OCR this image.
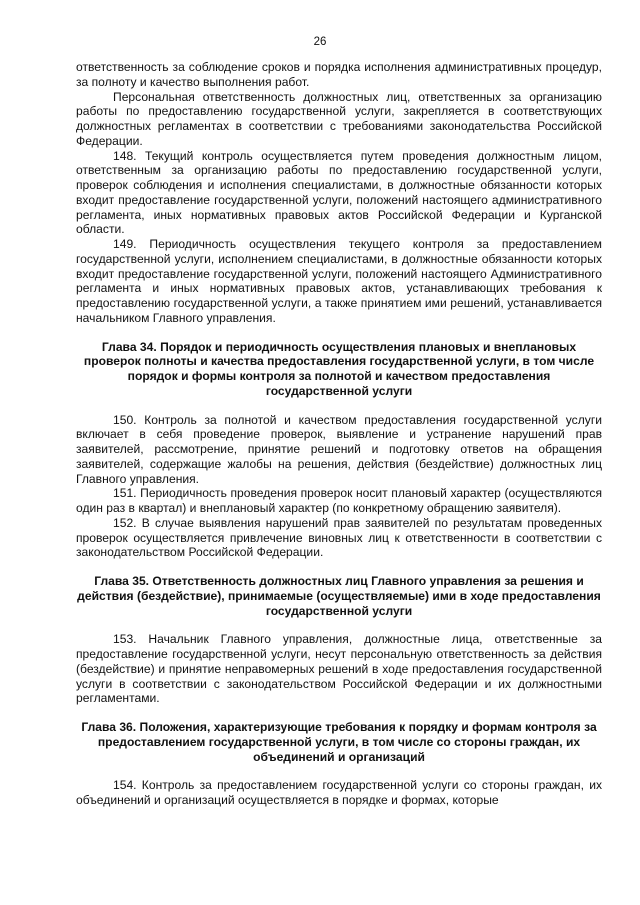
26

ответственность за соблюдение сроков и порядка исполнения административных процедур, за полноту и качество выполнения работ.

Персональная ответственность должностных лиц, ответственных за организацию работы по предоставлению государственной услуги, закрепляется в соответствующих должностных регламентах в соответствии с требованиями законодательства Российской Федерации.

148. Текущий контроль осуществляется путем проведения должностным лицом, ответственным за организацию работы по предоставлению государственной услуги, проверок соблюдения и исполнения специалистами, в должностные обязанности которых входит предоставление государственной услуги, положений настоящего административного регламента, иных нормативных правовых актов Российской Федерации и Курганской области.

149. Периодичность осуществления текущего контроля за предоставлением государственной услуги, исполнением специалистами, в должностные обязанности которых входит предоставление государственной услуги, положений настоящего Административного регламента и иных нормативных правовых актов, устанавливающих требования к предоставлению государственной услуги, а также принятием ими решений, устанавливается начальником Главного управления.

Глава 34. Порядок и периодичность осуществления плановых и внеплановых проверок полноты и качества предоставления государственной услуги, в том числе порядок и формы контроля за полнотой и качеством предоставления государственной услуги

150. Контроль за полнотой и качеством предоставления государственной услуги включает в себя проведение проверок, выявление и устранение нарушений прав заявителей, рассмотрение, принятие решений и подготовку ответов на обращения заявителей, содержащие жалобы на решения, действия (бездействие) должностных лиц Главного управления.

151. Периодичность проведения проверок носит плановый характер (осуществляются один раз в квартал) и внеплановый характер (по конкретному обращению заявителя).

152. В случае выявления нарушений прав заявителей по результатам проведенных проверок осуществляется привлечение виновных лиц к ответственности в соответствии с законодательством Российской Федерации.

Глава 35. Ответственность должностных лиц Главного управления за решения и действия (бездействие), принимаемые (осуществляемые) ими в ходе предоставления государственной услуги

153. Начальник Главного управления, должностные лица, ответственные за предоставление государственной услуги, несут персональную ответственность за действия (бездействие) и принятие неправомерных решений в ходе предоставления государственной услуги в соответствии с законодательством Российской Федерации и их должностными регламентами.

Глава 36. Положения, характеризующие требования к порядку и формам контроля за предоставлением государственной услуги, в том числе со стороны граждан, их объединений и организаций

154. Контроль за предоставлением государственной услуги со стороны граждан, их объединений и организаций осуществляется в порядке и формах, которые
